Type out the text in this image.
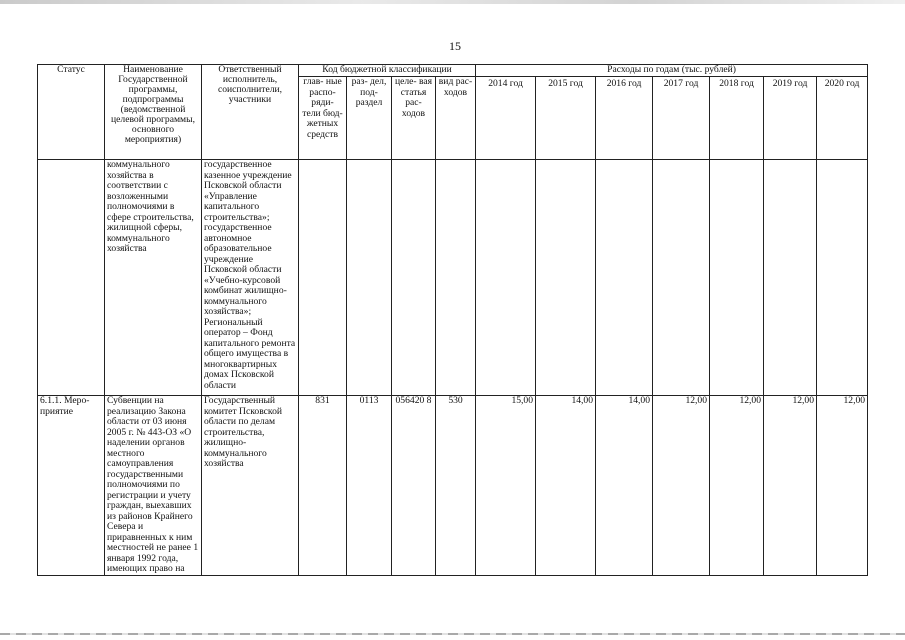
15
Статус	Наименование Государственной программы, подпрограммы (ведомственной целевой программы, основного мероприятия)	Ответственный исполнитель, соисполнители, участники	Код бюджетной классификации				Расходы по годам (тыс. рублей)						
			глав- ные распо- ряди- тели бюд- жетных средств	раз- дел, под- раздел	целе- вая статья рас- ходов	вид рас- ходов	2014 год	2015 год	2016 год	2017 год	2018 год	2019 год	2020 год
	коммунального хозяйства в соответствии с возложенными полномочиями в сфере строительства, жилищной сферы, коммунального хозяйства	государственное казенное учреждение Псковской области «Управление капитального строительства»; государственное автономное образовательное учреждение Псковской области «Учебно-курсовой комбинат жилищно-коммунального хозяйства»; Региональный оператор – Фонд капитального ремонта общего имущества в многоквартирных домах Псковской области											
6.1.1. Меро- приятие	Субвенции на реализацию Закона области от 03 июня 2005 г. № 443-ОЗ «О наделении органов местного самоуправления государственными полномочиями по регистрации и учету граждан, выехавших из районов Крайнего Севера и приравненных к ним местностей не ранее 1 января 1992 года, имеющих право на	Государственный комитет Псковской области по делам строительства, жилищно- коммунального хозяйства	831	0113	056420 8	530	15,00	14,00	14,00	12,00	12,00	12,00	12,00
